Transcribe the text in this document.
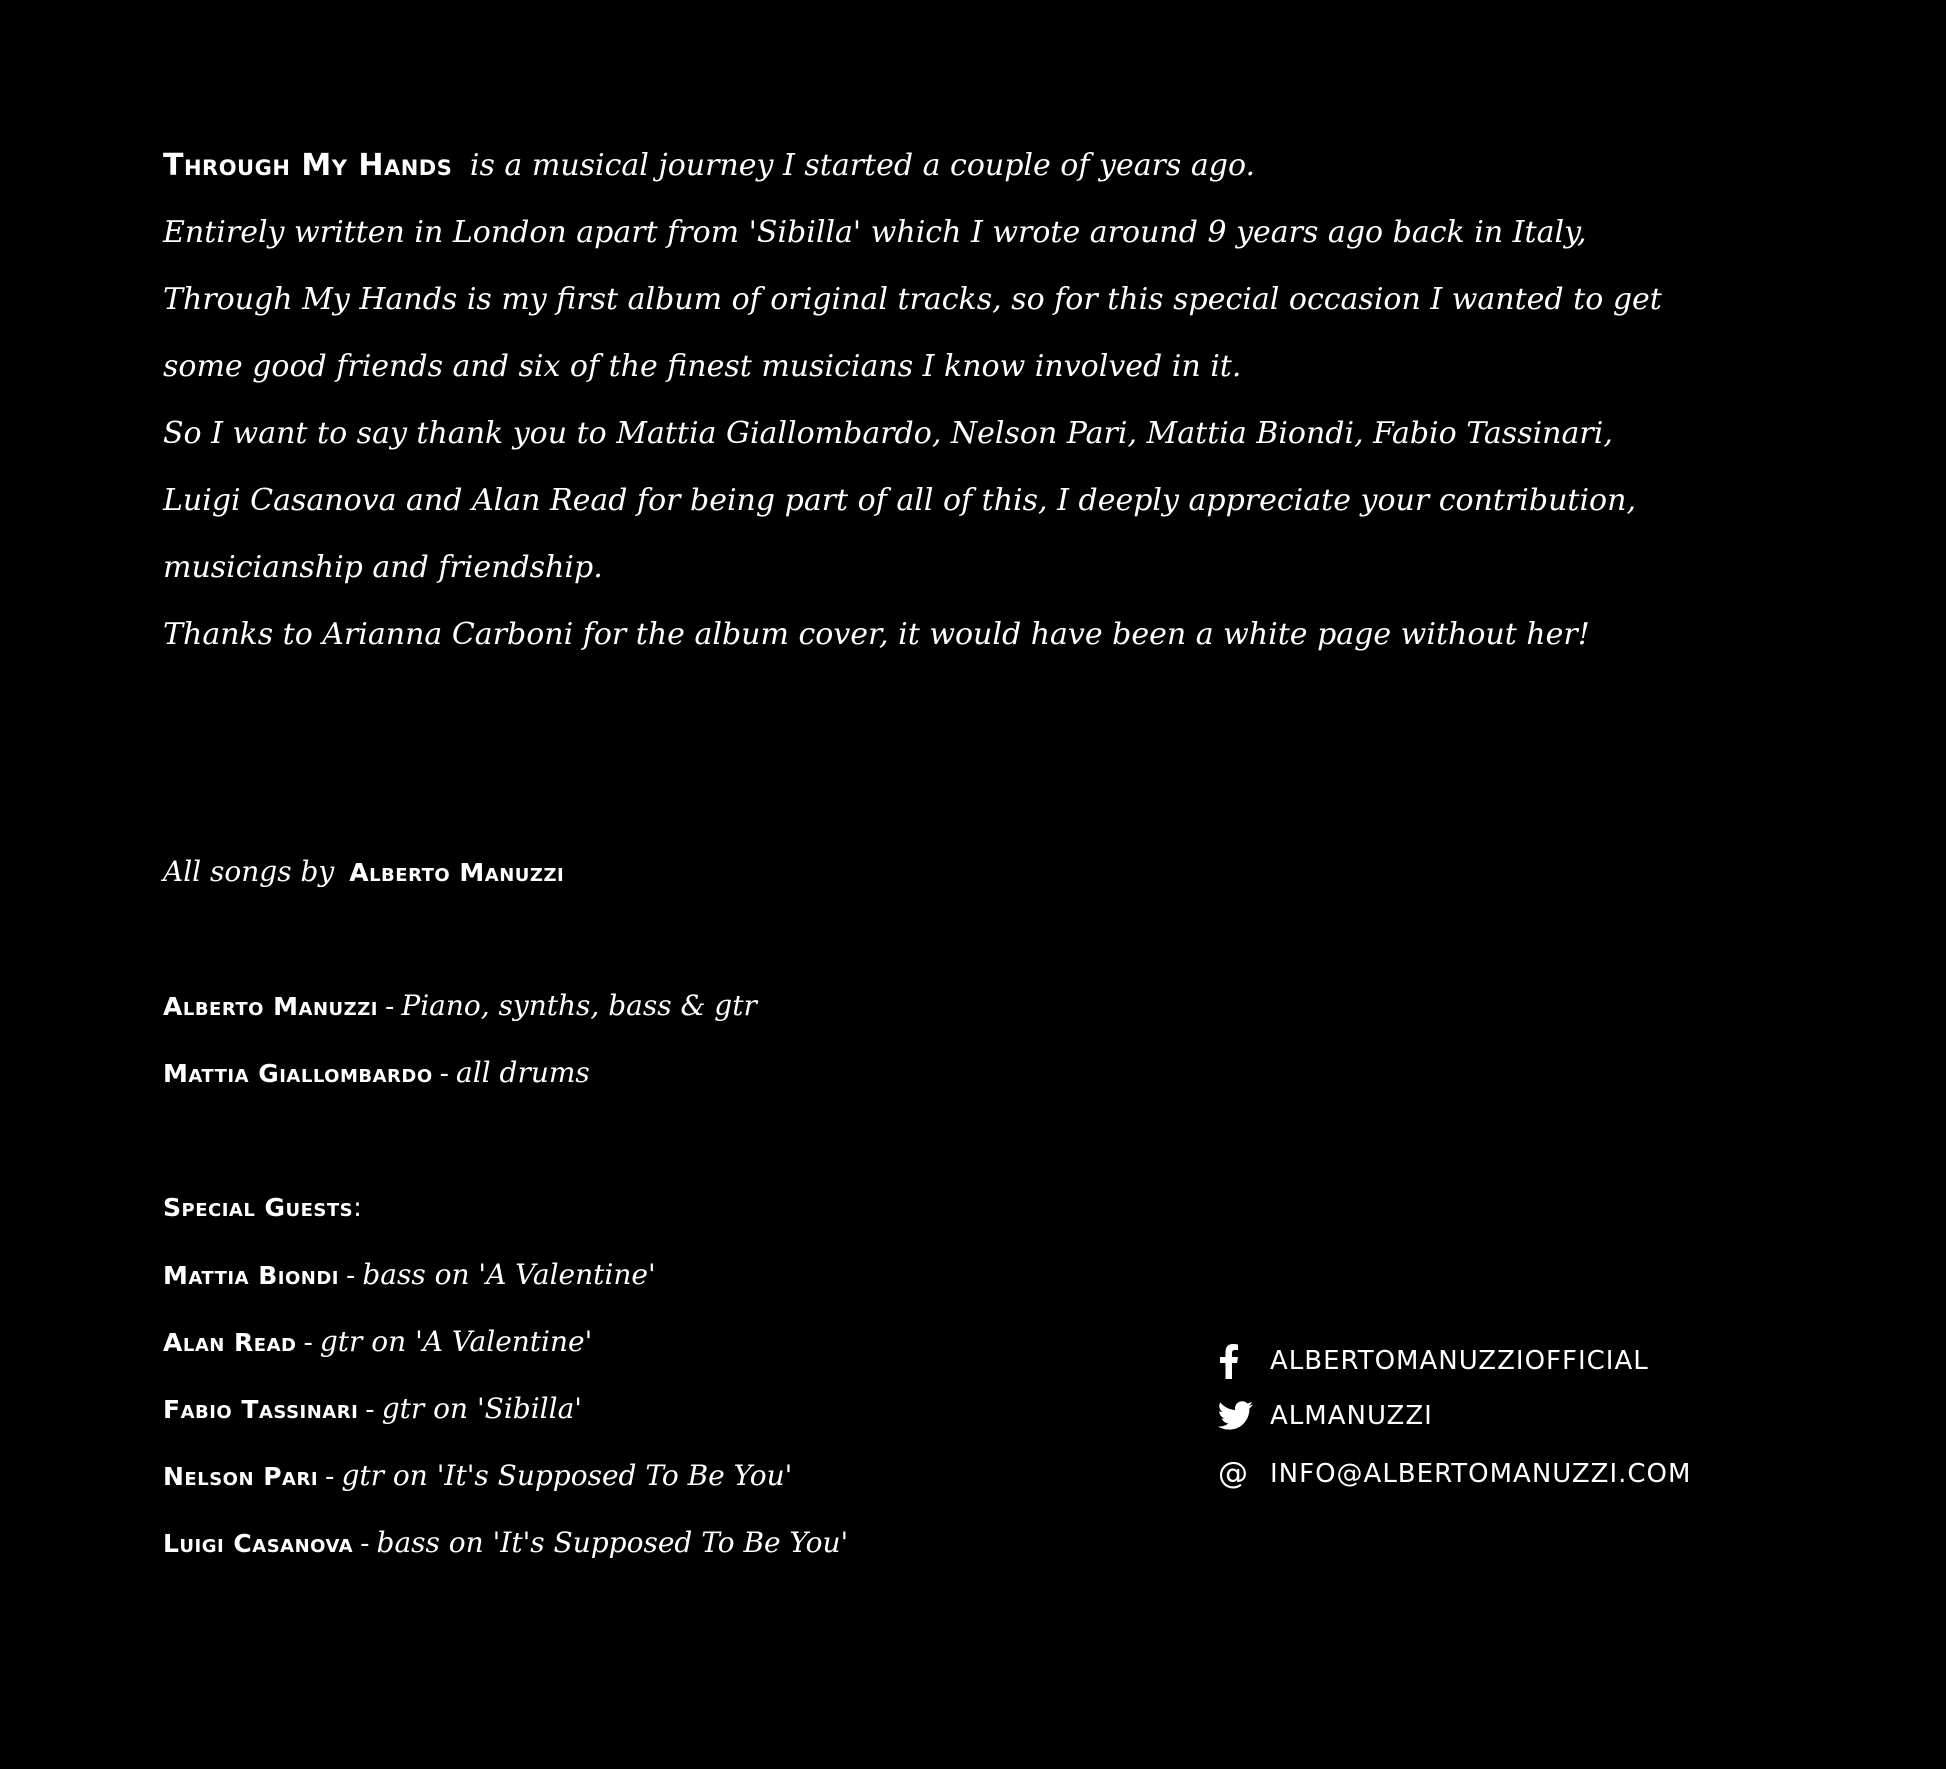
Through My Hands is a musical journey I started a couple of years ago.

Entirely written in London apart from 'Sibilla' which I wrote around 9 years ago back in Italy,

Through My Hands is my first album of original tracks, so for this special occasion I wanted to get

some good friends and six of the finest musicians I know involved in it.

So I want to say thank you to Mattia Giallombardo, Nelson Pari, Mattia Biondi, Fabio Tassinari,

Luigi Casanova and Alan Read for being part of all of this, I deeply appreciate your contribution,

musicianship and friendship.

Thanks to Arianna Carboni for the album cover, it would have been a white page without her!

All songs by Alberto Manuzzi
Alberto Manuzzi - Piano, synths, bass & gtr
Mattia Giallombardo - all drums
Special Guests:
Mattia Biondi - bass on 'A Valentine'
Alan Read - gtr on 'A Valentine'
Fabio Tassinari - gtr on 'Sibilla'
Nelson Pari - gtr on 'It's Supposed To Be You'
Luigi Casanova - bass on 'It's Supposed To Be You'
ALBERTOMANUZZIOFFICIAL
ALMANUZZI
@ INFO@ALBERTOMANUZZI.COM
